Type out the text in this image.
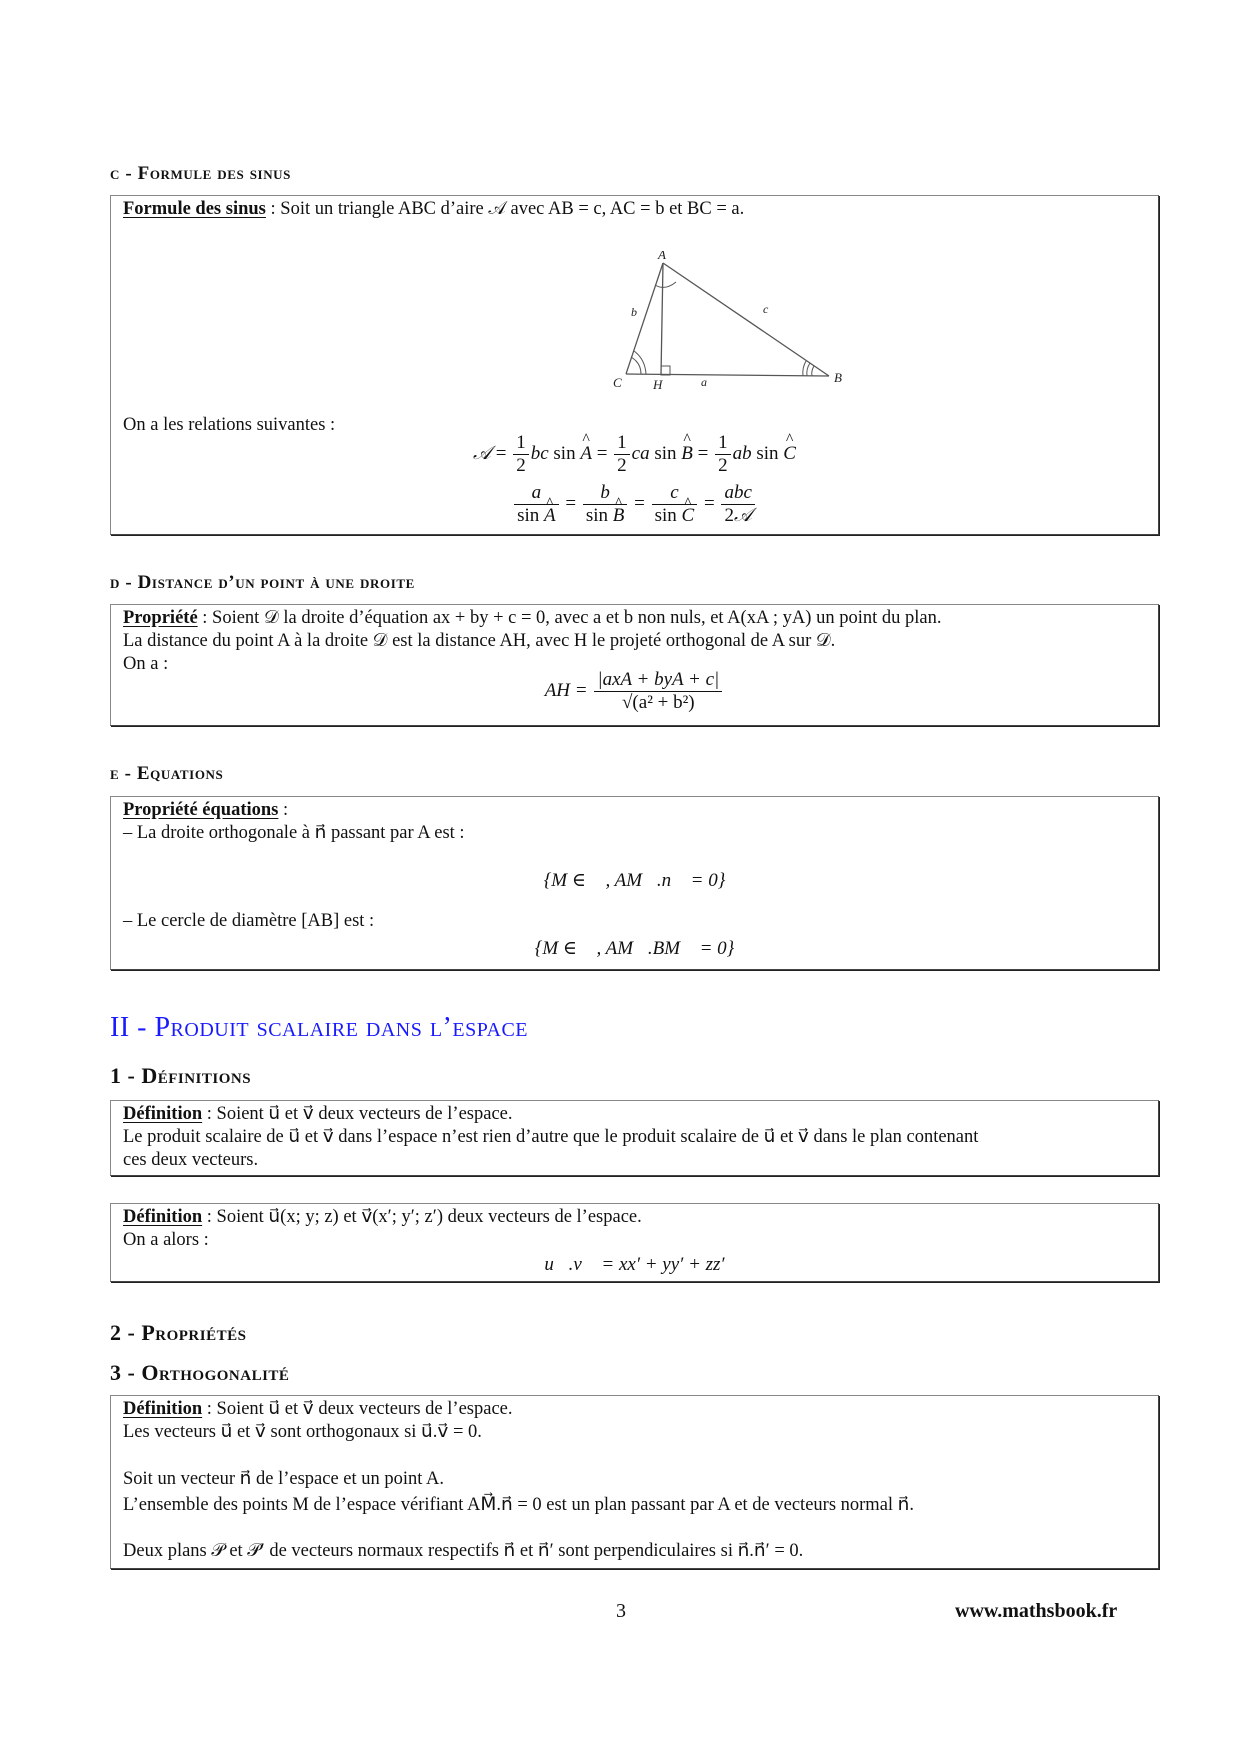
c - Formule des sinus
Formule des sinus : Soit un triangle ABC d’aire 𝒜 avec AB = c, AC = b et BC = a.
A
B
C H	a
b	c
On a les relations suivantes :
𝒜 = $\frac{1}{2}$ bc sin ^ $A = \frac{1}{2}$ ca sin ^ $B = \frac{1}{2}$ ab sin ^ C
$\frac{a}{\sin \^{} A} = \frac{b}{\sin \^{} B} = \frac{c}{\sin \^{} C} = \frac{\text{abc}}{\text{2𝒜}}$
d - Distance d’un point à une droite
Propriété : Soient 𝒟 la droite d’équation ax + by + c = 0, avec a et b non nuls, et A(xA ; yA) un point du plan.
La distance du point A à la droite 𝒟 est la distance AH, avec H le projeté orthogonal de A sur 𝒟.
On a :
AH = $\frac{\text{|axA + byA + c|}}{\text{√(a² + b²)}}$
e - Equations
Propriété équations :
– La droite orthogonale à n⃗ passant par A est :
{M ∈ 𝒫, AM⃗.n⃗ = 0}
– Le cercle de diamètre [AB] est :
{M ∈ 𝒫, AM⃗.BM⃗ = 0}
II - Produit scalaire dans l’espace
1 - Définitions
Définition : Soient u⃗ et v⃗ deux vecteurs de l’espace.
Le produit scalaire de u⃗ et v⃗ dans l’espace n’est rien d’autre que le produit scalaire de u⃗ et v⃗ dans le plan contenant
ces deux vecteurs.
Définition : Soient u⃗(x; y; z) et v⃗(x′; y′; z′) deux vecteurs de l’espace.
On a alors :
u⃗.v⃗ = xx′ + yy′ + zz′
2 - Propriétés
3 - Orthogonalité
Définition : Soient u⃗ et v⃗ deux vecteurs de l’espace.
Les vecteurs u⃗ et v⃗ sont orthogonaux si u⃗.v⃗ = 0.
Soit un vecteur n⃗ de l’espace et un point A.
L’ensemble des points M de l’espace vérifiant AM⃗.n⃗ = 0 est un plan passant par A et de vecteurs normal n⃗.
Deux plans 𝒫 et 𝒫′ de vecteurs normaux respectifs n⃗ et n⃗′ sont perpendiculaires si n⃗.n⃗′ = 0.
3	www.mathsbook.fr
